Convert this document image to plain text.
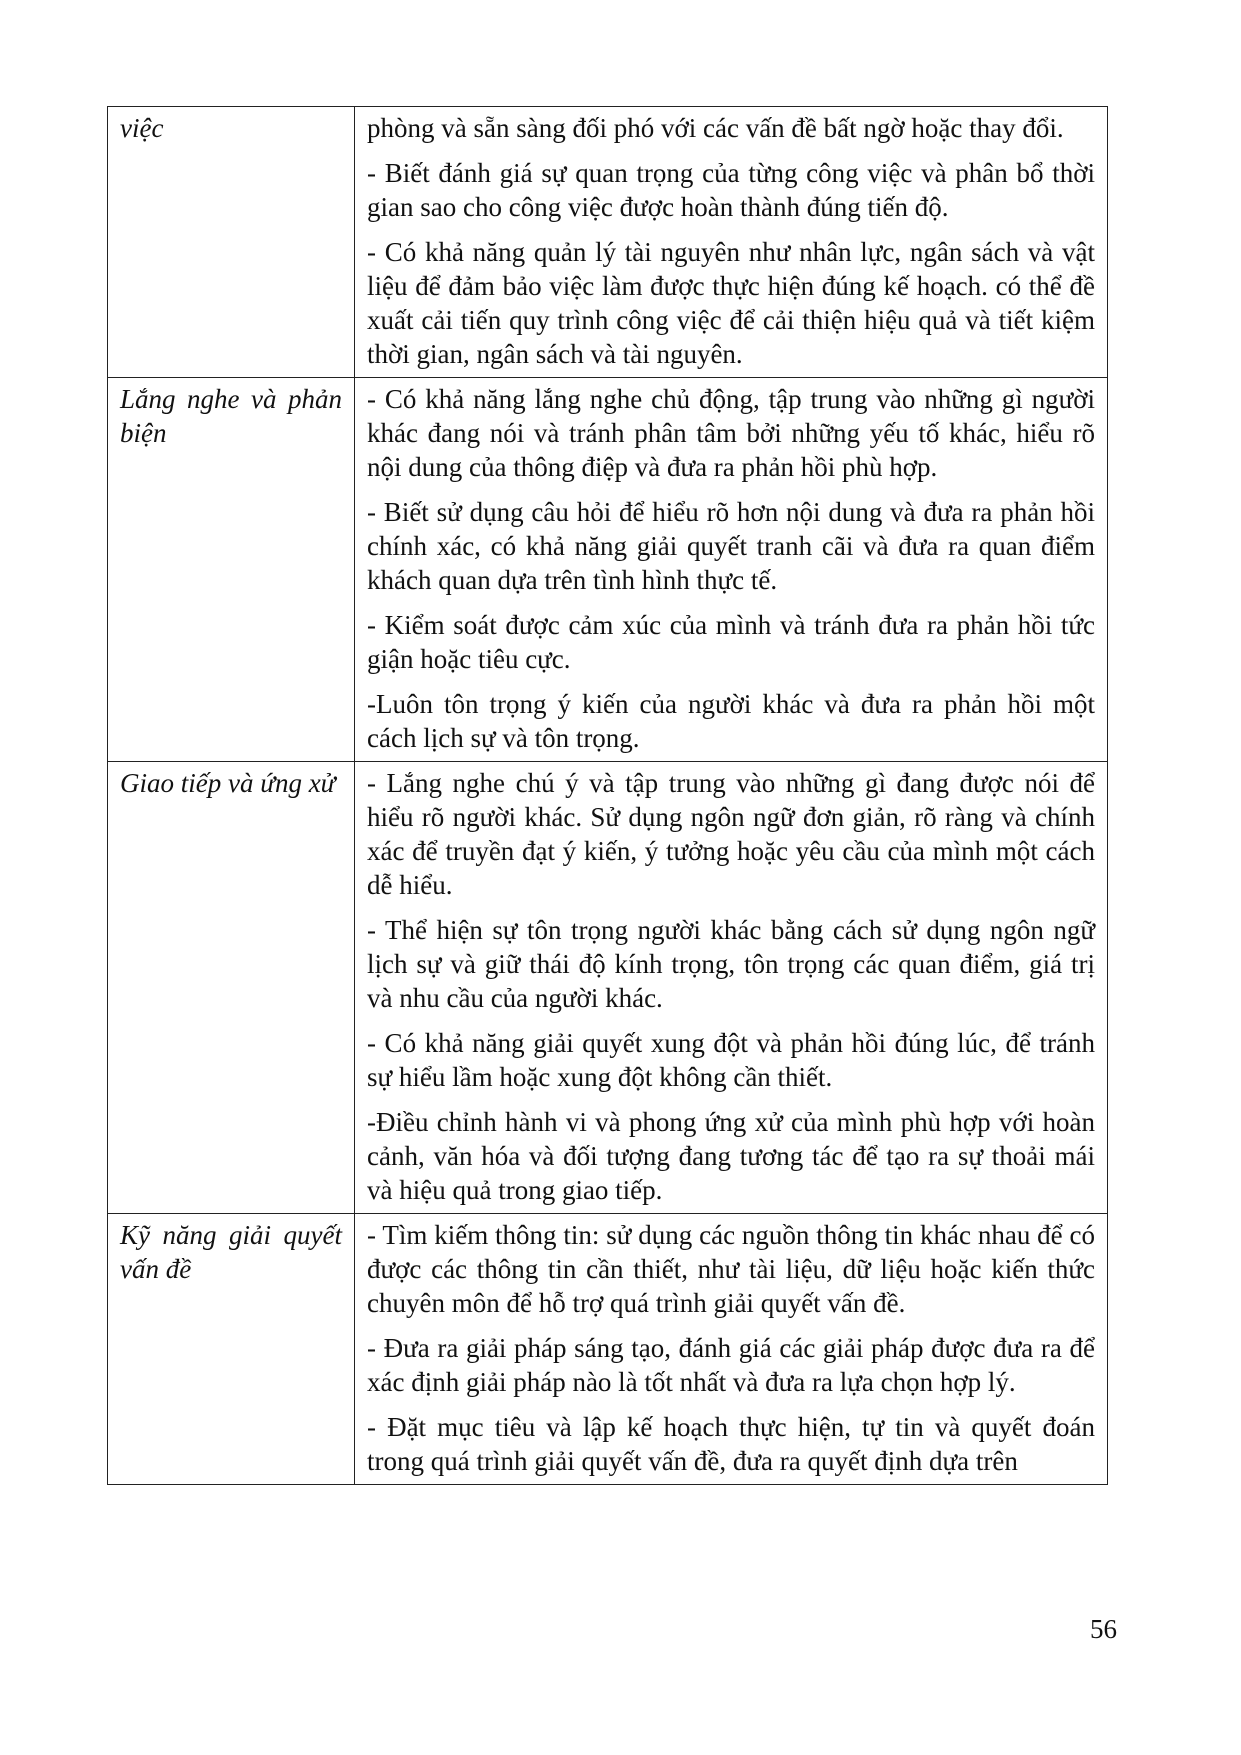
việc	phòng và sẵn sàng đối phó với các vấn đề bất ngờ hoặc thay đổi.

- Biết đánh giá sự quan trọng của từng công việc và phân bổ thời gian sao cho công việc được hoàn thành đúng tiến độ.

- Có khả năng quản lý tài nguyên như nhân lực, ngân sách và vật liệu để đảm bảo việc làm được thực hiện đúng kế hoạch. có thể đề xuất cải tiến quy trình công việc để cải thiện hiệu quả và tiết kiệm thời gian, ngân sách và tài nguyên.

Lắng nghe và phản biện	- Có khả năng lắng nghe chủ động, tập trung vào những gì người khác đang nói và tránh phân tâm bởi những yếu tố khác, hiểu rõ nội dung của thông điệp và đưa ra phản hồi phù hợp.

- Biết sử dụng câu hỏi để hiểu rõ hơn nội dung và đưa ra phản hồi chính xác, có khả năng giải quyết tranh cãi và đưa ra quan điểm khách quan dựa trên tình hình thực tế.

- Kiểm soát được cảm xúc của mình và tránh đưa ra phản hồi tức giận hoặc tiêu cực.

-Luôn tôn trọng ý kiến của người khác và đưa ra phản hồi một cách lịch sự và tôn trọng.

Giao tiếp và ứng xử	- Lắng nghe chú ý và tập trung vào những gì đang được nói để hiểu rõ người khác. Sử dụng ngôn ngữ đơn giản, rõ ràng và chính xác để truyền đạt ý kiến, ý tưởng hoặc yêu cầu của mình một cách dễ hiểu.

- Thể hiện sự tôn trọng người khác bằng cách sử dụng ngôn ngữ lịch sự và giữ thái độ kính trọng, tôn trọng các quan điểm, giá trị và nhu cầu của người khác.

- Có khả năng giải quyết xung đột và phản hồi đúng lúc, để tránh sự hiểu lầm hoặc xung đột không cần thiết.

-Điều chỉnh hành vi và phong ứng xử của mình phù hợp với hoàn cảnh, văn hóa và đối tượng đang tương tác để tạo ra sự thoải mái và hiệu quả trong giao tiếp.

Kỹ năng giải quyết vấn đề	- Tìm kiếm thông tin: sử dụng các nguồn thông tin khác nhau để có được các thông tin cần thiết, như tài liệu, dữ liệu hoặc kiến thức chuyên môn để hỗ trợ quá trình giải quyết vấn đề.

- Đưa ra giải pháp sáng tạo, đánh giá các giải pháp được đưa ra để xác định giải pháp nào là tốt nhất và đưa ra lựa chọn hợp lý.

- Đặt mục tiêu và lập kế hoạch thực hiện, tự tin và quyết đoán trong quá trình giải quyết vấn đề, đưa ra quyết định dựa trên

56
